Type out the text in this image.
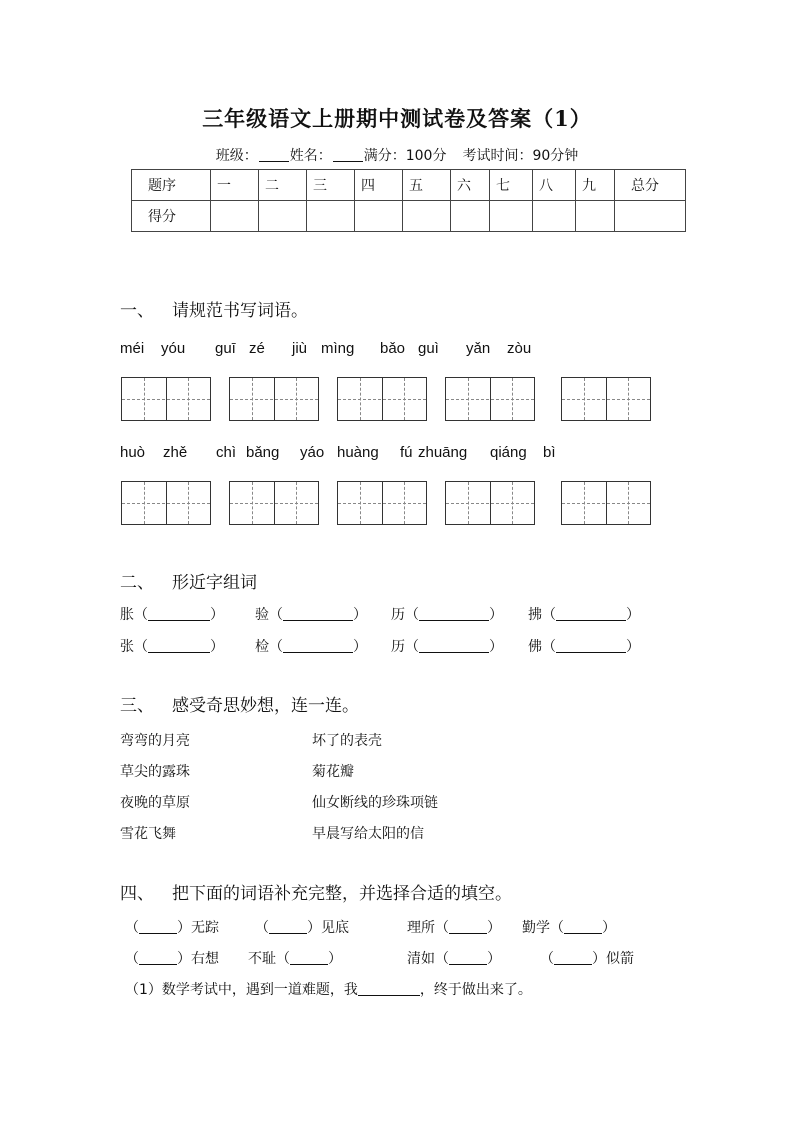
三年级语文上册期中测试卷及答案（1）
班级： 姓名： 满分：100分 考试时间：90分钟
题序	一	二	三	四	五	六	七	八	九	总分
得分										
一、 请规范书写词语。
méi yóu guī zé jiù mìng bǎo guì yǎn zòu
huò zhě chì bǎng yáo huàng fú zhuāng qiáng bì
二、 形近字组词
胀（	） 验（	） 历（	） 拂（	）
张（	） 检（	） 历（	） 佛（	）
三、 感受奇思妙想，连一连。
弯弯的月亮
草尖的露珠
夜晚的草原
雪花飞舞
坏了的表壳
菊花瓣
仙女断线的珍珠项链
早晨写给太阳的信
四、 把下面的词语补充完整，并选择合适的填空。
（	）无踪	（	）见底	理所（	） 勤学（	）
（	）右想 不耻（	）	清如（	）	（	）似箭
（1）数学考试中，遇到一道难题，我	，终于做出来了。
